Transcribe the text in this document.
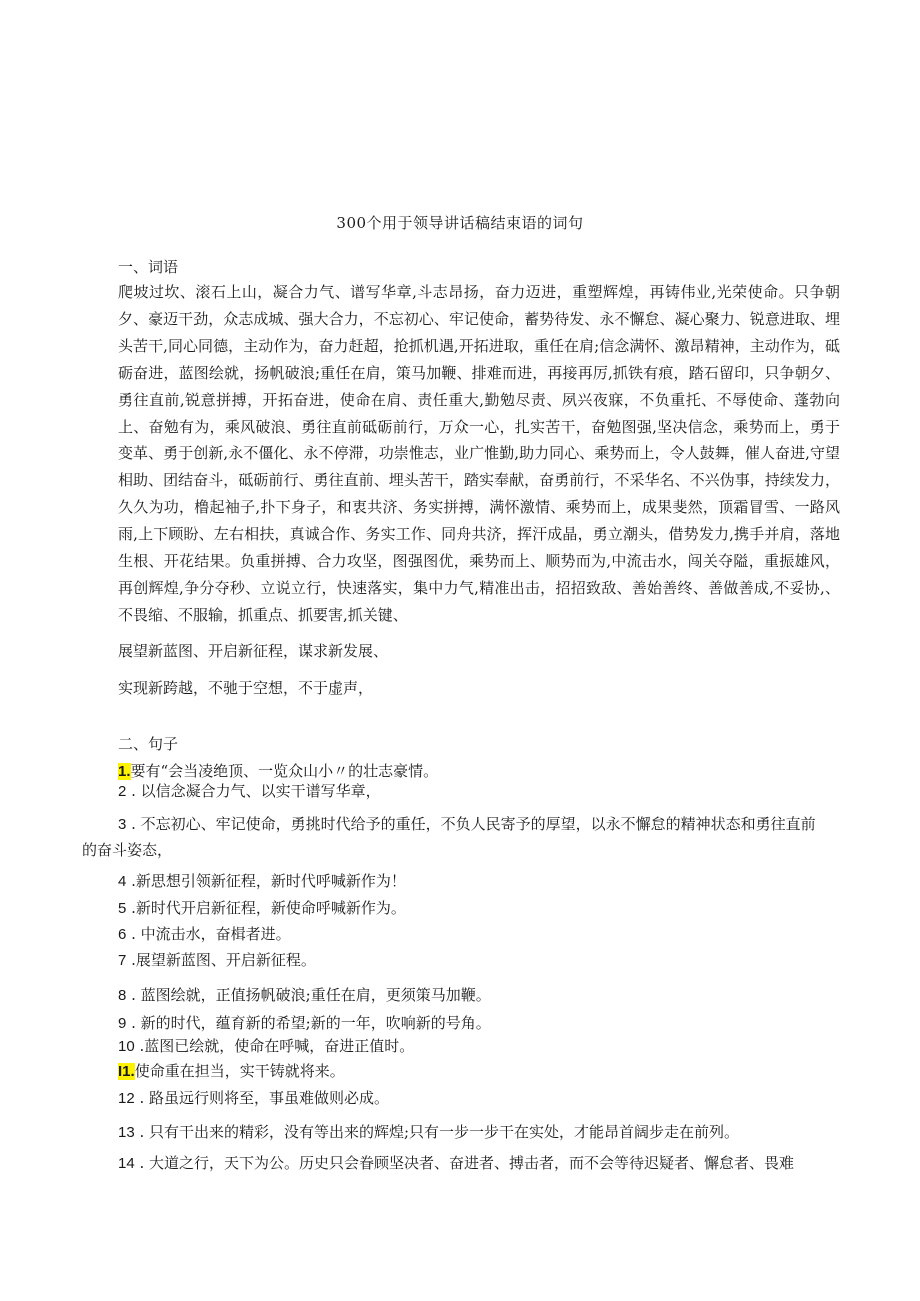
300个用于领导讲话稿结束语的词句
一、词语
爬坡过坎、滚石上山，凝合力气、谱写华章,斗志昂扬，奋力迈进，重塑辉煌，再铸伟业,光荣使命。只争朝夕、豪迈干劲，众志成城、强大合力，不忘初心、牢记使命，蓄势待发、永不懈怠、凝心聚力、锐意进取、埋头苦干,同心同德，主动作为，奋力赶超，抢抓机遇,开拓进取，重任在肩;信念满怀、激昂精神，主动作为，砥砺奋进，蓝图绘就，扬帆破浪;重任在肩，策马加鞭、排难而进，再接再厉,抓铁有痕，踏石留印，只争朝夕、勇往直前,锐意拼搏，开拓奋进，使命在肩、责任重大,勤勉尽责、夙兴夜寐，不负重托、不辱使命、蓬勃向上、奋勉有为，乘风破浪、勇往直前砥砺前行，万众一心，扎实苦干，奋勉图强,坚决信念，乘势而上，勇于变革、勇于创新,永不僵化、永不停滞，功崇惟志，业广惟勤,助力同心、乘势而上，令人鼓舞，催人奋进,守望相助、团结奋斗，砥砺前行、勇往直前、埋头苦干，踏实奉献，奋勇前行，不采华名、不兴伪事，持续发力，久久为功，橹起袖子,扑下身子，和衷共济、务实拼搏，满怀激情、乘势而上，成果斐然，顶霜冒雪、一路风雨,上下顾盼、左右相扶，真诚合作、务实工作、同舟共济，挥汗成晶，勇立潮头，借势发力,携手并肩，落地生根、开花结果。负重拼搏、合力攻坚，图强图优，乘势而上、顺势而为,中流击水，闯关夺隘，重振雄风，再创辉煌,争分夺秒、立说立行，快速落实，集中力气,精准出击，招招致敌、善始善终、善做善成,不妥协,、不畏缩、不服输，抓重点、抓要害,抓关键、
展望新蓝图、开启新征程，谋求新发展、
实现新跨越，不驰于空想，不于虚声，
二、句子
1.要有“会当凌绝顶、一览众山小〃的壮志豪情。
2 . 以信念凝合力气、以实干谱写华章，
3 . 不忘初心、牢记使命，勇挑时代给予的重任，不负人民寄予的厚望，以永不懈怠的精神状态和勇往直前
的奋斗姿态，
4 .新思想引领新征程，新时代呼喊新作为！
5 .新时代开启新征程，新使命呼喊新作为。
6 . 中流击水，奋楫者进。
7 .展望新蓝图、开启新征程。
8 . 蓝图绘就，正值扬帆破浪;重任在肩，更须策马加鞭。
9 . 新的时代，蕴育新的希望;新的一年，吹响新的号角。
10 .蓝图已绘就，使命在呼喊，奋进正值时。
I1.使命重在担当，实干铸就将来。
12 . 路虽远行则将至，事虽难做则必成。
13 . 只有干出来的精彩，没有等出来的辉煌;只有一步一步干在实处，才能昂首阔步走在前列。
14 . 大道之行，天下为公。历史只会眷顾坚决者、奋进者、搏击者，而不会等待迟疑者、懈怠者、畏难
